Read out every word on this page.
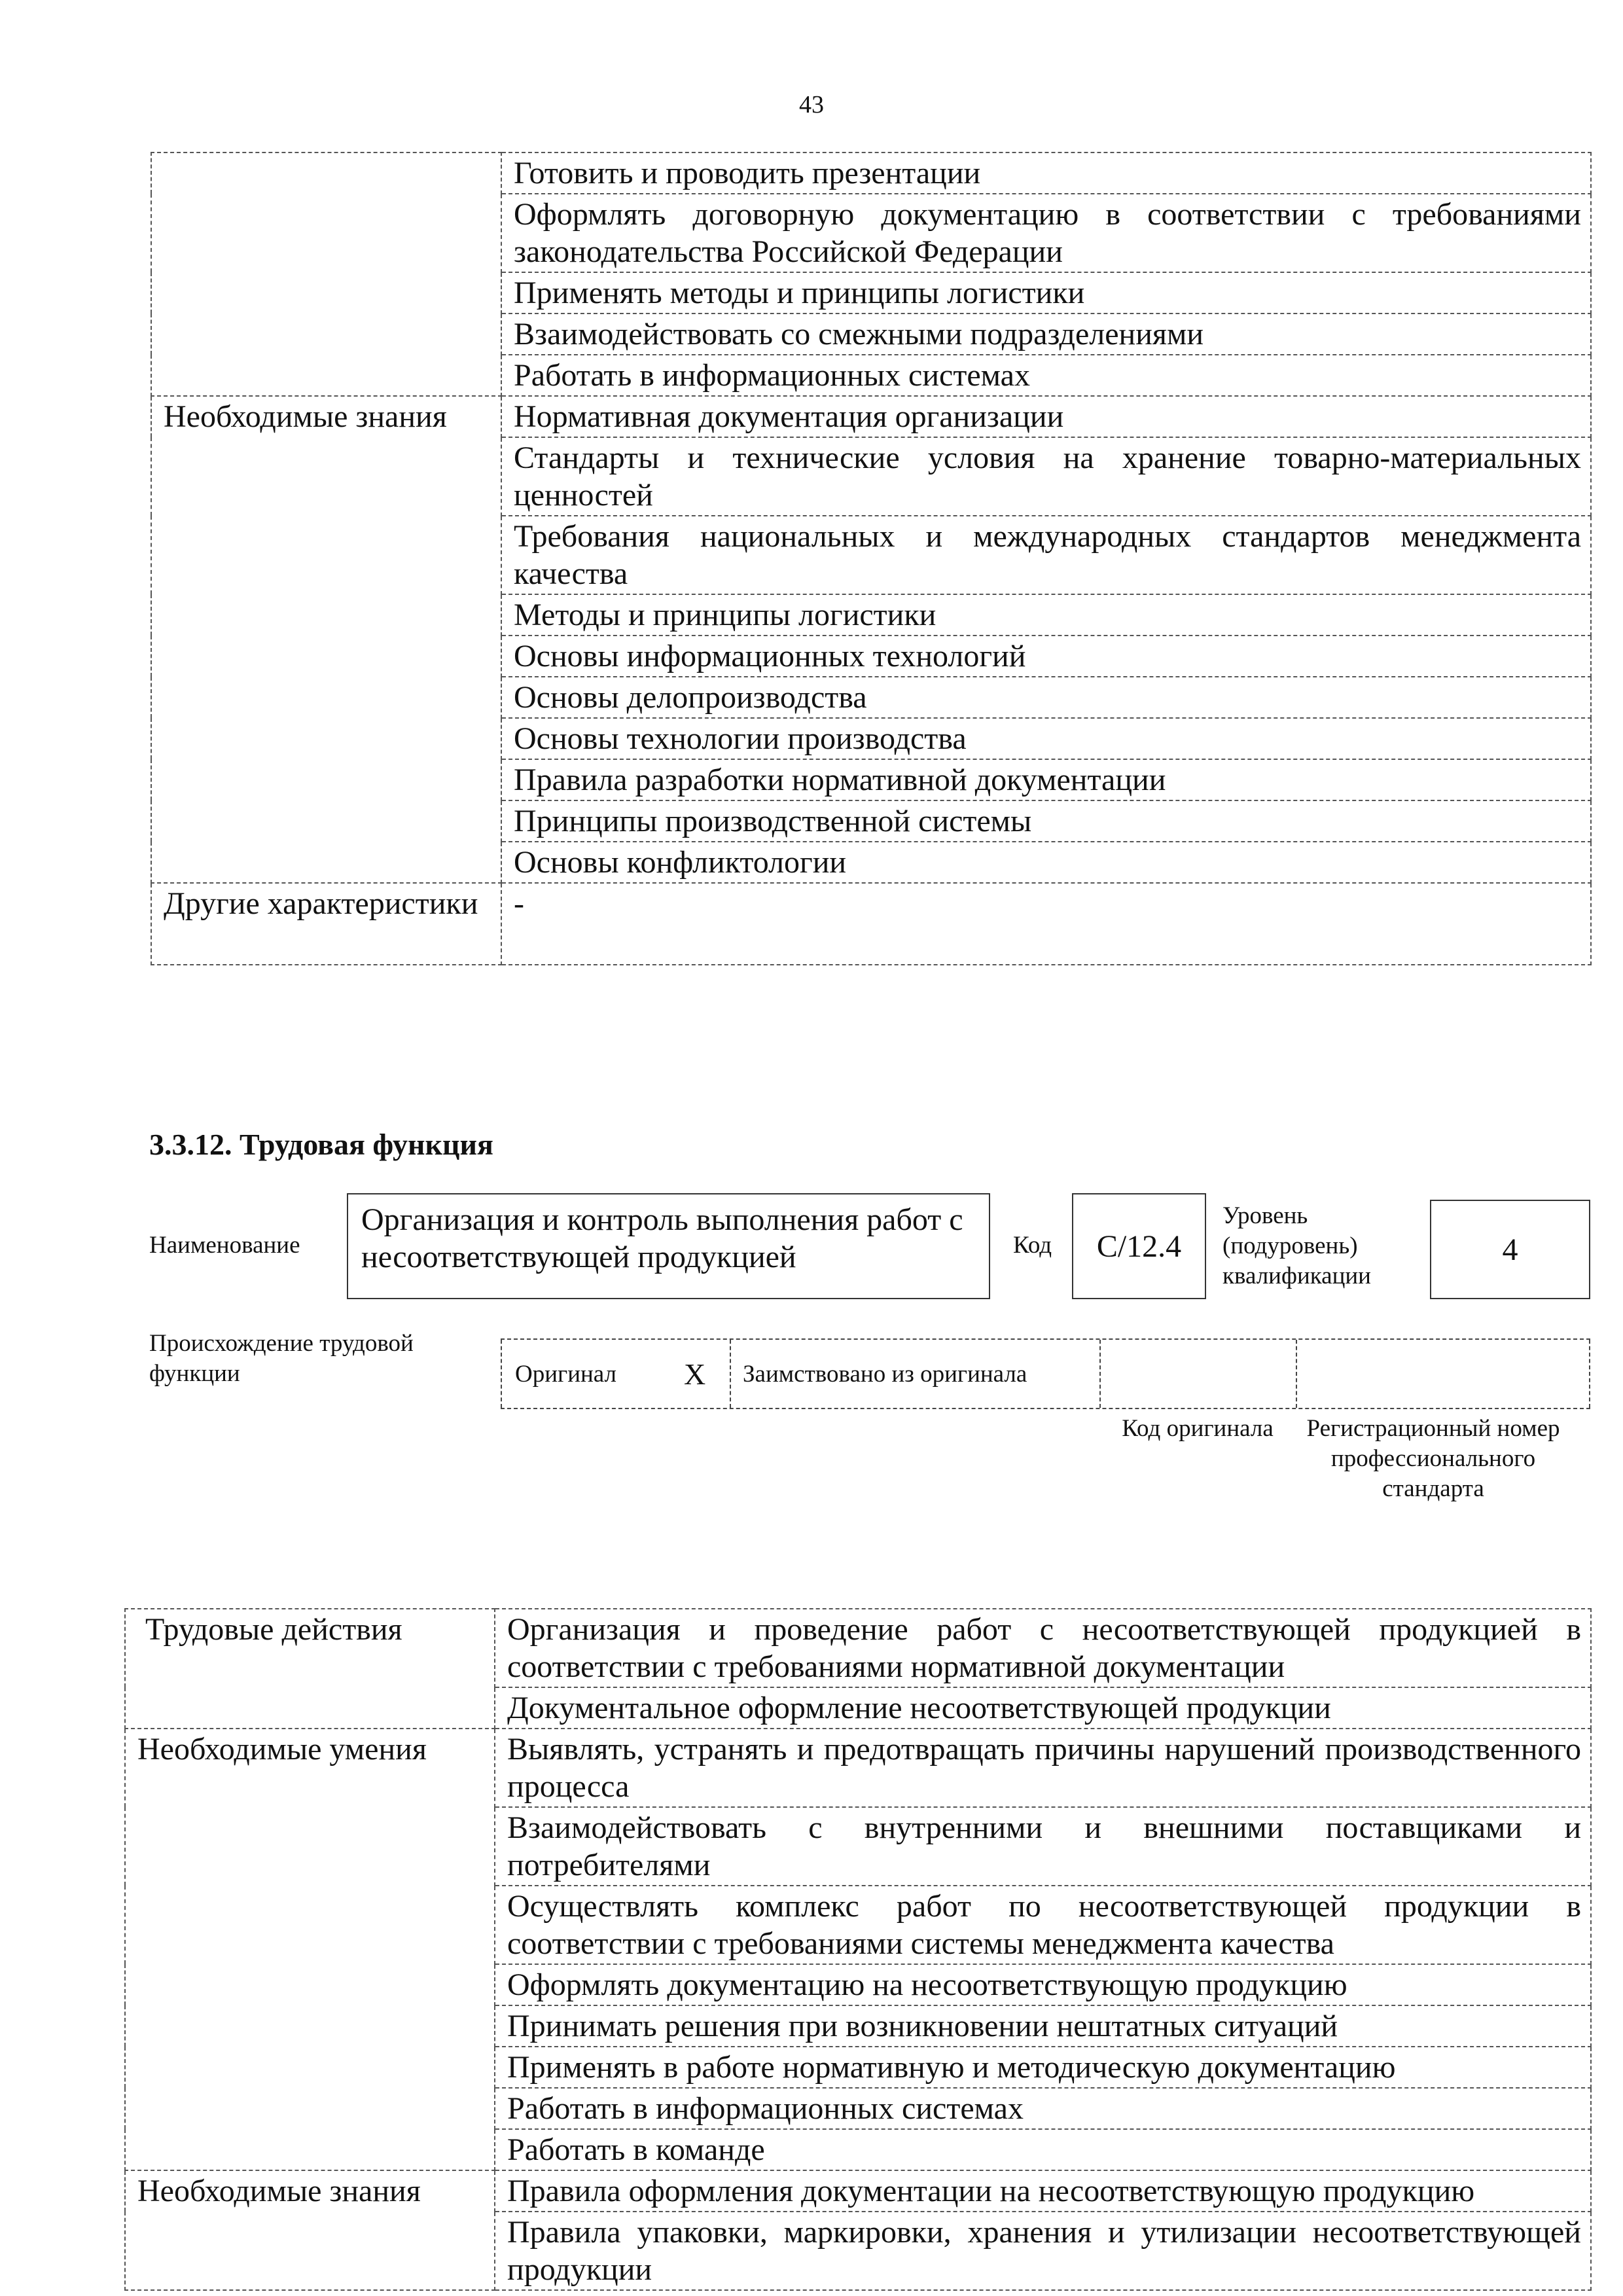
43
	Готовить и проводить презентации
	Оформлять договорную документацию в соответствии с требованиями законодательства Российской Федерации
	Применять методы и принципы логистики
	Взаимодействовать со смежными подразделениями
	Работать в информационных системах
Необходимые знания	Нормативная документация организации
	Стандарты и технические условия на хранение товарно-материальных ценностей
	Требования национальных и международных стандартов менеджмента качества
	Методы и принципы логистики
	Основы информационных технологий
	Основы делопроизводства
	Основы технологии производства
	Правила разработки нормативной документации
	Принципы производственной системы
	Основы конфликтологии
Другие характеристики	-
3.3.12. Трудовая функция
Наименование
Организация и контроль выполнения работ с несоответствующей продукцией	Код	С/12.4
Уровень (подуровень) квалификации
4
Происхождение трудовой функции	Оригинал	X	Заимствовано из оригинала
Код оригинала	Регистрационный номер профессионального стандарта
Трудовые действия	Организация и проведение работ с несоответствующей продукцией в соответствии с требованиями нормативной документации
	Документальное оформление несоответствующей продукции
Необходимые умения	Выявлять, устранять и предотвращать причины нарушений производственного процесса
	Взаимодействовать с внутренними и внешними поставщиками и потребителями
	Осуществлять комплекс работ по несоответствующей продукции в соответствии с требованиями системы менеджмента качества
	Оформлять документацию на несоответствующую продукцию
	Принимать решения при возникновении нештатных ситуаций
	Применять в работе нормативную и методическую документацию
	Работать в информационных системах
	Работать в команде
Необходимые знания	Правила оформления документации на несоответствующую продукцию
	Правила упаковки, маркировки, хранения и утилизации несоответствующей продукции
